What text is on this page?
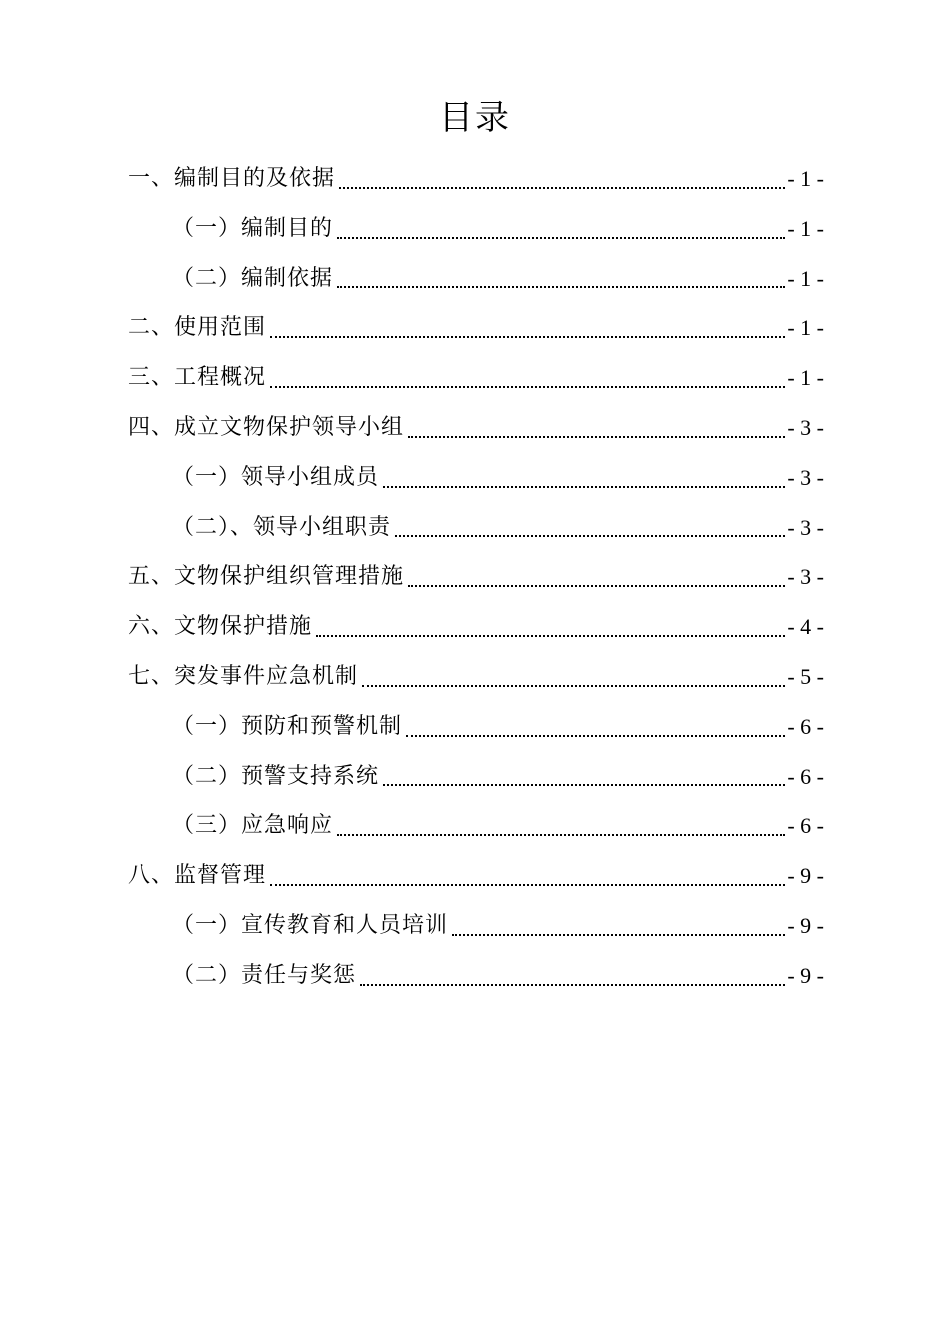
目录
一、编制目的及依据	- 1 -
（一）编制目的	- 1 -
（二）编制依据	- 1 -
二、使用范围	- 1 -
三、工程概况	- 1 -
四、成立文物保护领导小组	- 3 -
（一）领导小组成员	- 3 -
（二）、领导小组职责	- 3 -
五、文物保护组织管理措施	- 3 -
六、文物保护措施	- 4 -
七、突发事件应急机制	- 5 -
（一）预防和预警机制	- 6 -
（二）预警支持系统	- 6 -
（三）应急响应	- 6 -
八、监督管理	- 9 -
（一）宣传教育和人员培训	- 9 -
（二）责任与奖惩	- 9 -
